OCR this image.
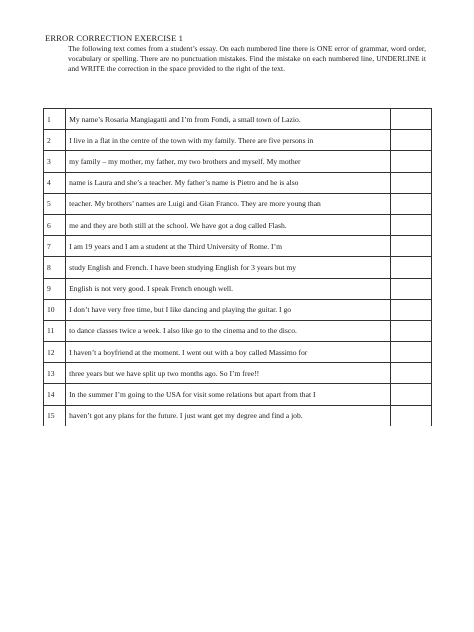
ERROR CORRECTION EXERCISE 1
The following text comes from a student’s essay. On each numbered line there is ONE error of grammar, word order, vocabulary or spelling. There are no punctuation mistakes. Find the mistake on each numbered line, UNDERLINE it and WRITE the correction in the space provided to the right of the text.
1	My name’s Rosaria Mangiagatti and I’m from Fondi, a small town of Lazio.	
2	I live in a flat in the centre of the town with my family. There are five persons in	
3	my family – my mother, my father, my two brothers and myself. My mother	
4	name is Laura and she’s a teacher. My father’s name is Pietro and he is also	
5	teacher. My brothers’ names are Luigi and Gian Franco. They are more young than	
6	me and they are both still at the school. We have got a dog called Flash.	
7	I am 19 years and I am a student at the Third University of Rome. I’m	
8	study English and French. I have been studying English for 3 years but my	
9	English is not very good. I speak French enough well.	
10	I don’t have very free time, but I like dancing and playing the guitar. I go	
11	to dance classes twice a week. I also like go to the cinema and to the disco.	
12	I haven’t a boyfriend at the moment. I went out with a boy called Massimo for	
13	three years but we have split up two months ago. So I’m free!!	
14	In the summer I’m going to the USA for visit some relations but apart from that I	
15	haven’t got any plans for the future. I just want get my degree and find a job.	
